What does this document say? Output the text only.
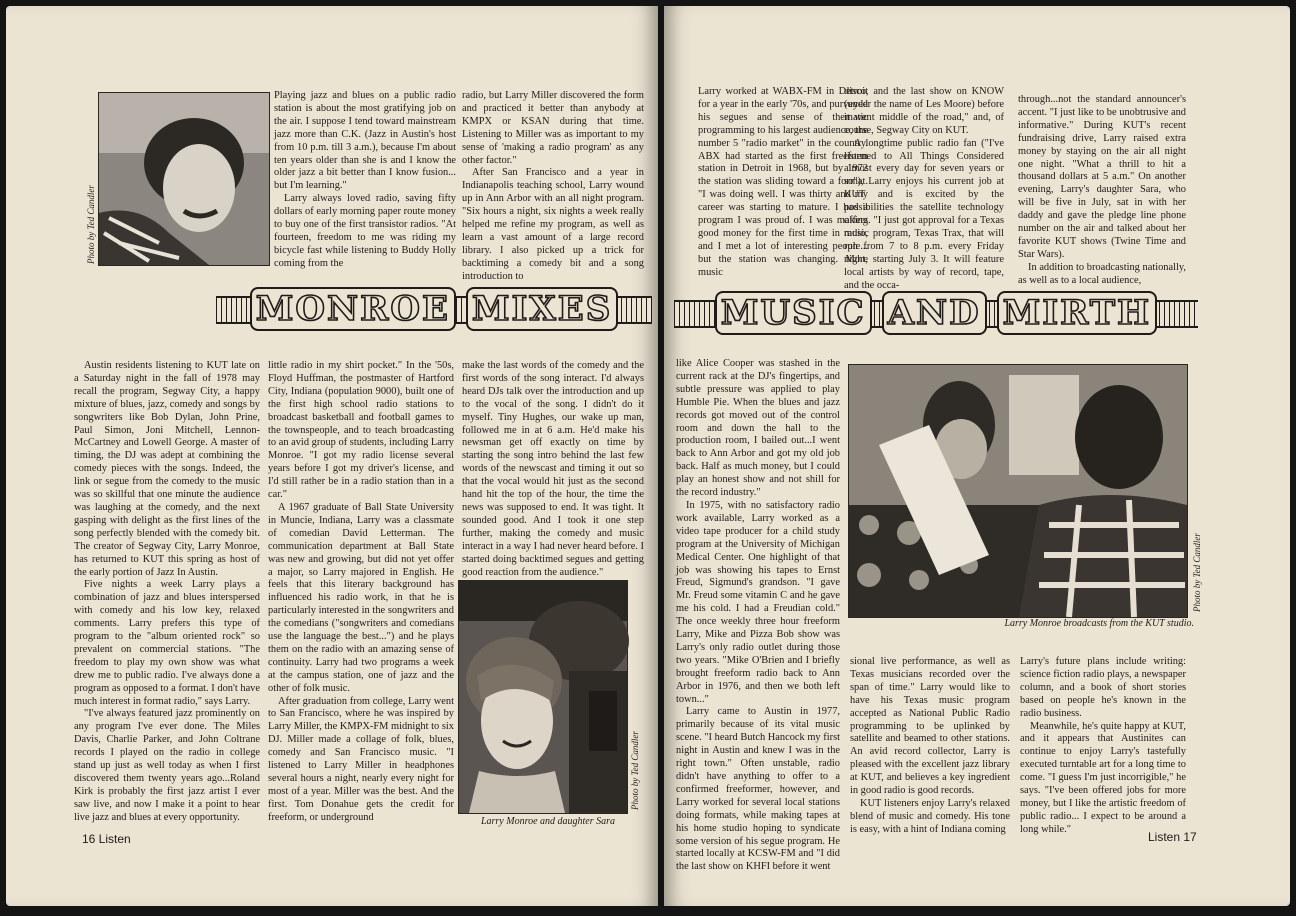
Photo by Ted Candler

Playing jazz and blues on a public radio station is about the most gratifying job on the air. I suppose I tend toward mainstream jazz more than C.K. (Jazz in Austin's host from 10 p.m. till 3 a.m.), because I'm about ten years older than she is and I know the older jazz a bit better than I know fusion... but I'm learning."

Larry always loved radio, saving fifty dollars of early morning paper route money to buy one of the first transistor radios. "At fourteen, freedom to me was riding my bicycle fast while listening to Buddy Holly coming from the

radio, but Larry Miller discovered the form and practiced it better than anybody at KMPX or KSAN during that time. Listening to Miller was as important to my sense of 'making a radio program' as any other factor."

After San Francisco and a year in Indianapolis teaching school, Larry wound up in Ann Arbor with an all night program. "Six hours a night, six nights a week really helped me refine my program, as well as learn a vast amount of a large record library. I also picked up a trick for backtiming a comedy bit and a song introduction to

MONROE MIXES

Austin residents listening to KUT late on a Saturday night in the fall of 1978 may recall the program, Segway City, a happy mixture of blues, jazz, comedy and songs by songwriters like Bob Dylan, John Prine, Paul Simon, Joni Mitchell, Lennon-McCartney and Lowell George. A master of timing, the DJ was adept at combining the comedy pieces with the songs. Indeed, the link or segue from the comedy to the music was so skillful that one minute the audience was laughing at the comedy, and the next gasping with delight as the first lines of the song perfectly blended with the comedy bit. The creator of Segway City, Larry Monroe, has returned to KUT this spring as host of the early portion of Jazz In Austin.

Five nights a week Larry plays a combination of jazz and blues interspersed with comedy and his low key, relaxed comments. Larry prefers this type of program to the "album oriented rock" so prevalent on commercial stations. "The freedom to play my own show was what drew me to public radio. I've always done a program as opposed to a format. I don't have much interest in format radio," says Larry.

"I've always featured jazz prominently on any program I've ever done. The Miles Davis, Charlie Parker, and John Coltrane records I played on the radio in college stand up just as well today as when I first discovered them twenty years ago...Roland Kirk is probably the first jazz artist I ever saw live, and now I make it a point to hear live jazz and blues at every opportunity.

little radio in my shirt pocket." In the '50s, Floyd Huffman, the postmaster of Hartford City, Indiana (population 9000), built one of the first high school radio stations to broadcast basketball and football games to the townspeople, and to teach broadcasting to an avid group of students, including Larry Monroe. "I got my radio license several years before I got my driver's license, and I'd still rather be in a radio station than in a car."

A 1967 graduate of Ball State University in Muncie, Indiana, Larry was a classmate of comedian David Letterman. The communication department at Ball State was new and growing, but did not yet offer a major, so Larry majored in English. He feels that this literary background has influenced his radio work, in that he is particularly interested in the songwriters and the comedians ("songwriters and comedians use the language the best...") and he plays them on the radio with an amazing sense of continuity. Larry had two programs a week at the campus station, one of jazz and the other of folk music.

After graduation from college, Larry went to San Francisco, where he was inspired by Larry Miller, the KMPX-FM midnight to six DJ. Miller made a collage of folk, blues, comedy and San Francisco music. "I listened to Larry Miller in headphones several hours a night, nearly every night for most of a year. Miller was the best. And the first. Tom Donahue gets the credit for freeform, or underground

make the last words of the comedy and the first words of the song interact. I'd always heard DJs talk over the introduction and up to the vocal of the song. I didn't do it myself. Tiny Hughes, our wake up man, followed me in at 6 a.m. He'd make his newsman get off exactly on time by starting the song intro behind the last few words of the newscast and timing it out so that the vocal would hit just as the second hand hit the top of the hour, the time the news was supposed to end. It was tight. It sounded good. And I took it one step further, making the comedy and music interact in a way I had never heard before. I started doing backtimed segues and getting good reaction from the audience."

Photo by Ted Candler
Larry Monroe and daughter Sara
16 Listen

Larry worked at WABX-FM in Detroit for a year in the early '70s, and purveyed his segues and sense of thematic programming to his largest audience, the number 5 "radio market" in the country. ABX had started as the first freeform station in Detroit in 1968, but by 1972 the station was sliding toward a format. "I was doing well. I was thirty and my career was starting to mature. I had a program I was proud of. I was making good money for the first time in radio, and I met a lot of interesting people... but the station was changing. More music

disco, and the last show on KNOW (under the name of Les Moore) before it went middle of the road," and, of course, Segway City on KUT.

A longtime public radio fan ("I've listened to All Things Considered almost every day for seven years or so"), Larry enjoys his current job at KUT and is excited by the possibilities the satellite technology offers. "I just got approval for a Texas music program, Texas Trax, that will run from 7 to 8 p.m. every Friday night, starting July 3. It will feature local artists by way of record, tape, and the occa-

through...not the standard announcer's accent. "I just like to be unobtrusive and informative." During KUT's recent fundraising drive, Larry raised extra money by staying on the air all night one night. "What a thrill to hit a thousand dollars at 5 a.m." On another evening, Larry's daughter Sara, who will be five in July, sat in with her daddy and gave the pledge line phone number on the air and talked about her favorite KUT shows (Twine Time and Star Wars).

In addition to broadcasting nationally, as well as to a local audience,

MUSIC AND MIRTH

like Alice Cooper was stashed in the current rack at the DJ's fingertips, and subtle pressure was applied to play Humble Pie. When the blues and jazz records got moved out of the control room and down the hall to the production room, I bailed out...I went back to Ann Arbor and got my old job back. Half as much money, but I could play an honest show and not shill for the record industry."

In 1975, with no satisfactory radio work available, Larry worked as a video tape producer for a child study program at the University of Michigan Medical Center. One highlight of that job was showing his tapes to Ernst Freud, Sigmund's grandson. "I gave Mr. Freud some vitamin C and he gave me his cold. I had a Freudian cold." The once weekly three hour freeform Larry, Mike and Pizza Bob show was Larry's only radio outlet during those two years. "Mike O'Brien and I briefly brought freeform radio back to Ann Arbor in 1976, and then we both left town..."

Larry came to Austin in 1977, primarily because of its vital music scene. "I heard Butch Hancock my first night in Austin and knew I was in the right town." Often unstable, radio didn't have anything to offer to a confirmed freeformer, however, and Larry worked for several local stations doing formats, while making tapes at his home studio hoping to syndicate some version of his segue program. He started locally at KCSW-FM and "I did the last show on KHFI before it went

Photo by Ted Candler
Larry Monroe broadcasts from the KUT studio.

sional live performance, as well as Texas musicians recorded over the span of time." Larry would like to have his Texas music program accepted as National Public Radio programming to be uplinked by satellite and beamed to other stations. An avid record collector, Larry is pleased with the excellent jazz library at KUT, and believes a key ingredient in good radio is good records.

KUT listeners enjoy Larry's relaxed blend of music and comedy. His tone is easy, with a hint of Indiana coming

Larry's future plans include writing: science fiction radio plays, a newspaper column, and a book of short stories based on people he's known in the radio business.

Meanwhile, he's quite happy at KUT, and it appears that Austinites can continue to enjoy Larry's tastefully executed turntable art for a long time to come. "I guess I'm just incorrigible," he says. "I've been offered jobs for more money, but I like the artistic freedom of public radio... I expect to be around a long while."

Listen 17
